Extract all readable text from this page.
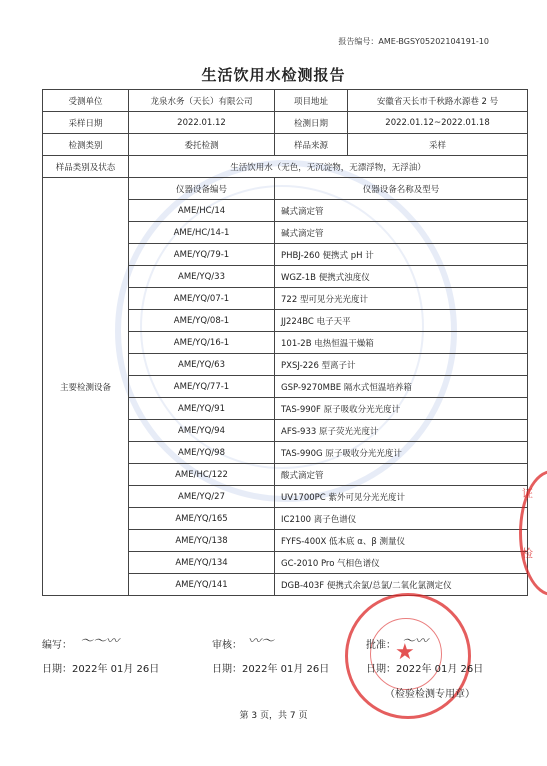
报告编号：AME-BGSY05202104191-10
生活饮用水检测报告
受测单位	龙泉水务（天长）有限公司	项目地址	安徽省天长市千秋路水源巷 2 号
采样日期	2022.01.12	检测日期	2022.01.12~2022.01.18
检测类别	委托检测	样品来源	采样
样品类别及状态	生活饮用水（无色，无沉淀物，无漂浮物，无浮油）		
主要检测设备	仪器设备编号	仪器设备名称及型号	
	AME/HC/14	碱式滴定管	
	AME/HC/14-1	碱式滴定管	
	AME/YQ/79-1	PHBJ-260 便携式 pH 计	
	AME/YQ/33	WGZ-1B 便携式浊度仪	
	AME/YQ/07-1	722 型可见分光光度计	
	AME/YQ/08-1	JJ224BC 电子天平	
	AME/YQ/16-1	101-2B 电热恒温干燥箱	
	AME/YQ/63	PXSJ-226 型离子计	
	AME/YQ/77-1	GSP-9270MBE 隔水式恒温培养箱	
	AME/YQ/91	TAS-990F 原子吸收分光光度计	
	AME/YQ/94	AFS-933 原子荧光光度计	
	AME/YQ/98	TAS-990G 原子吸收分光光度计	
	AME/HC/122	酸式滴定管	
	AME/YQ/27	UV1700PC 紫外可见分光光度计	
	AME/YQ/165	IC2100 离子色谱仪	
	AME/YQ/138	FYFS-400X 低本底 α、β 测量仪	
	AME/YQ/134	GC-2010 Pro 气相色谱仪	
	AME/YQ/141	DGB-403F 便携式余氯/总氯/二氧化氯测定仪	
编写： 〜〜〰
日期：2022年 01月 26日
审核： 〰〜
日期：2022年 01月 26日
★
批准： 〜〰
日期：2022年 01月 26日
（检验检测专用章）
证
检
第 3 页，共 7 页
